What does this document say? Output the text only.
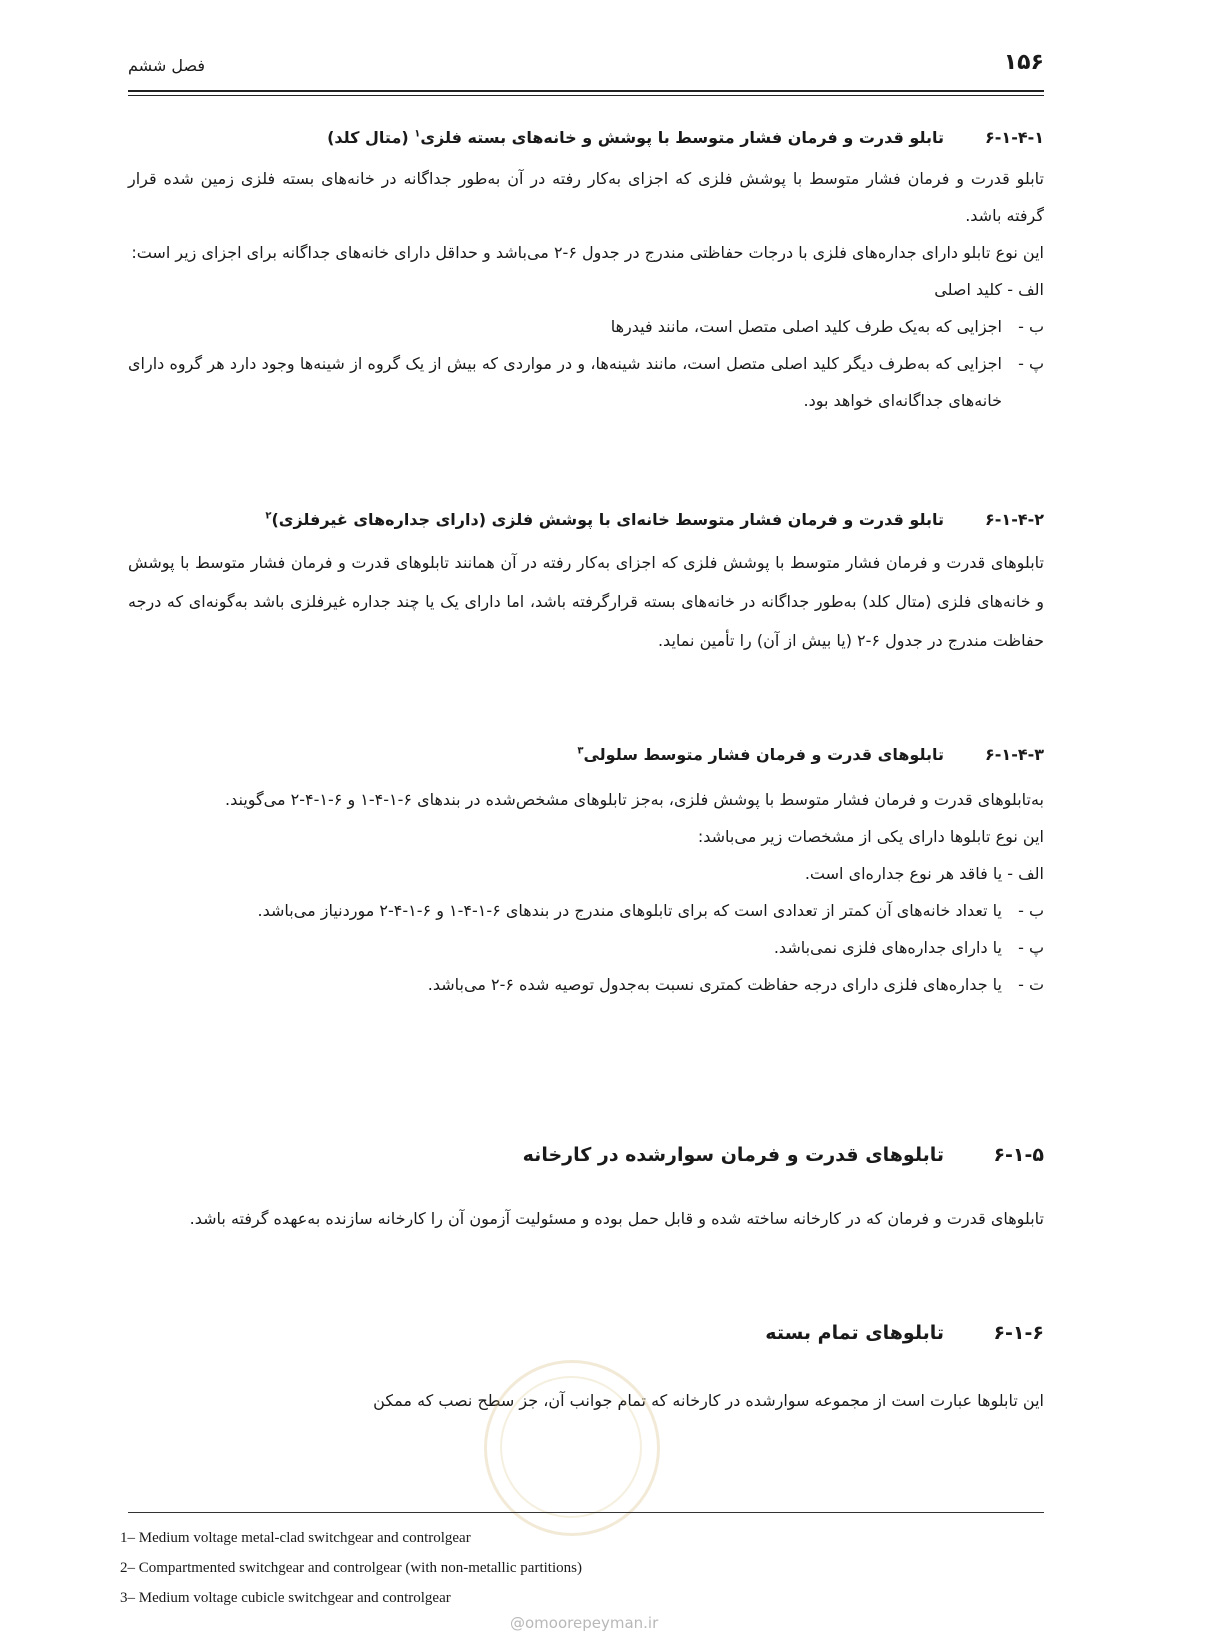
فصل ششم	۱۵۶
۶-۱-۴-۱تابلو قدرت و فرمان فشار متوسط با پوشش و خانه‌های بسته فلزی$^۱$ (متال کلد)

تابلو قدرت و فرمان فشار متوسط با پوشش فلزی که اجزای به‌کار رفته در آن به‌طور جداگانه در خانه‌های بسته فلزی زمین شده قرار گرفته باشد.

این نوع تابلو دارای جداره‌های فلزی با درجات حفاظتی مندرج در جدول ۶-۲ می‌باشد و حداقل دارای خانه‌های جداگانه برای اجزای زیر است:

الف - کلید اصلی

ب -
اجزایی که به‌یک طرف کلید اصلی متصل است، مانند فیدرها
پ -
اجزایی که به‌طرف دیگر کلید اصلی متصل است، مانند شینه‌ها، و در مواردی که بیش از یک گروه از شینه‌ها وجود دارد هر گروه دارای خانه‌های جداگانه‌ای خواهد بود.
۶-۱-۴-۲تابلو قدرت و فرمان فشار متوسط خانه‌ای با پوشش فلزی (دارای جداره‌های غیرفلزی)$^۲$

تابلوهای قدرت و فرمان فشار متوسط با پوشش فلزی که اجزای به‌کار رفته در آن همانند تابلوهای قدرت و فرمان فشار متوسط با پوشش و خانه‌های فلزی (متال کلد) به‌طور جداگانه در خانه‌های بسته قرارگرفته باشد، اما دارای یک یا چند جداره غیرفلزی باشد به‌گونه‌ای که درجه حفاظت مندرج در جدول ۶-۲ (یا بیش از آن) را تأمین نماید.

۶-۱-۴-۳تابلوهای قدرت و فرمان فشار متوسط سلولی$^۳$

به‌تابلوهای قدرت و فرمان فشار متوسط با پوشش فلزی، به‌جز تابلوهای مشخص‌شده در بندهای ۶-۱-۴-۱ و ۶-۱-۴-۲ می‌گویند.

این نوع تابلوها دارای یکی از مشخصات زیر می‌باشد:

الف - یا فاقد هر نوع جداره‌ای است.

ب -
یا تعداد خانه‌های آن کمتر از تعدادی است که برای تابلوهای مندرج در بندهای ۶-۱-۴-۱ و ۶-۱-۴-۲ موردنیاز می‌باشد.
پ -
یا دارای جداره‌های فلزی نمی‌باشد.
ت -
یا جداره‌های فلزی دارای درجه حفاظت کمتری نسبت به‌جدول توصیه شده ۶-۲ می‌باشد.
۶-۱-۵تابلوهای قدرت و فرمان سوارشده در کارخانه

تابلوهای قدرت و فرمان که در کارخانه ساخته شده و قابل حمل بوده و مسئولیت آزمون آن را کارخانه سازنده به‌عهده گرفته باشد.

۶-۱-۶تابلوهای تمام بسته

این تابلوها عبارت است از مجموعه سوارشده در کارخانه که تمام جوانب آن، جز سطح نصب که ممکن

1– Medium voltage metal-clad switchgear and controlgear
2– Compartmented switchgear and controlgear (with non-metallic partitions)
3– Medium voltage cubicle switchgear and controlgear
@omoorepeyman.ir
